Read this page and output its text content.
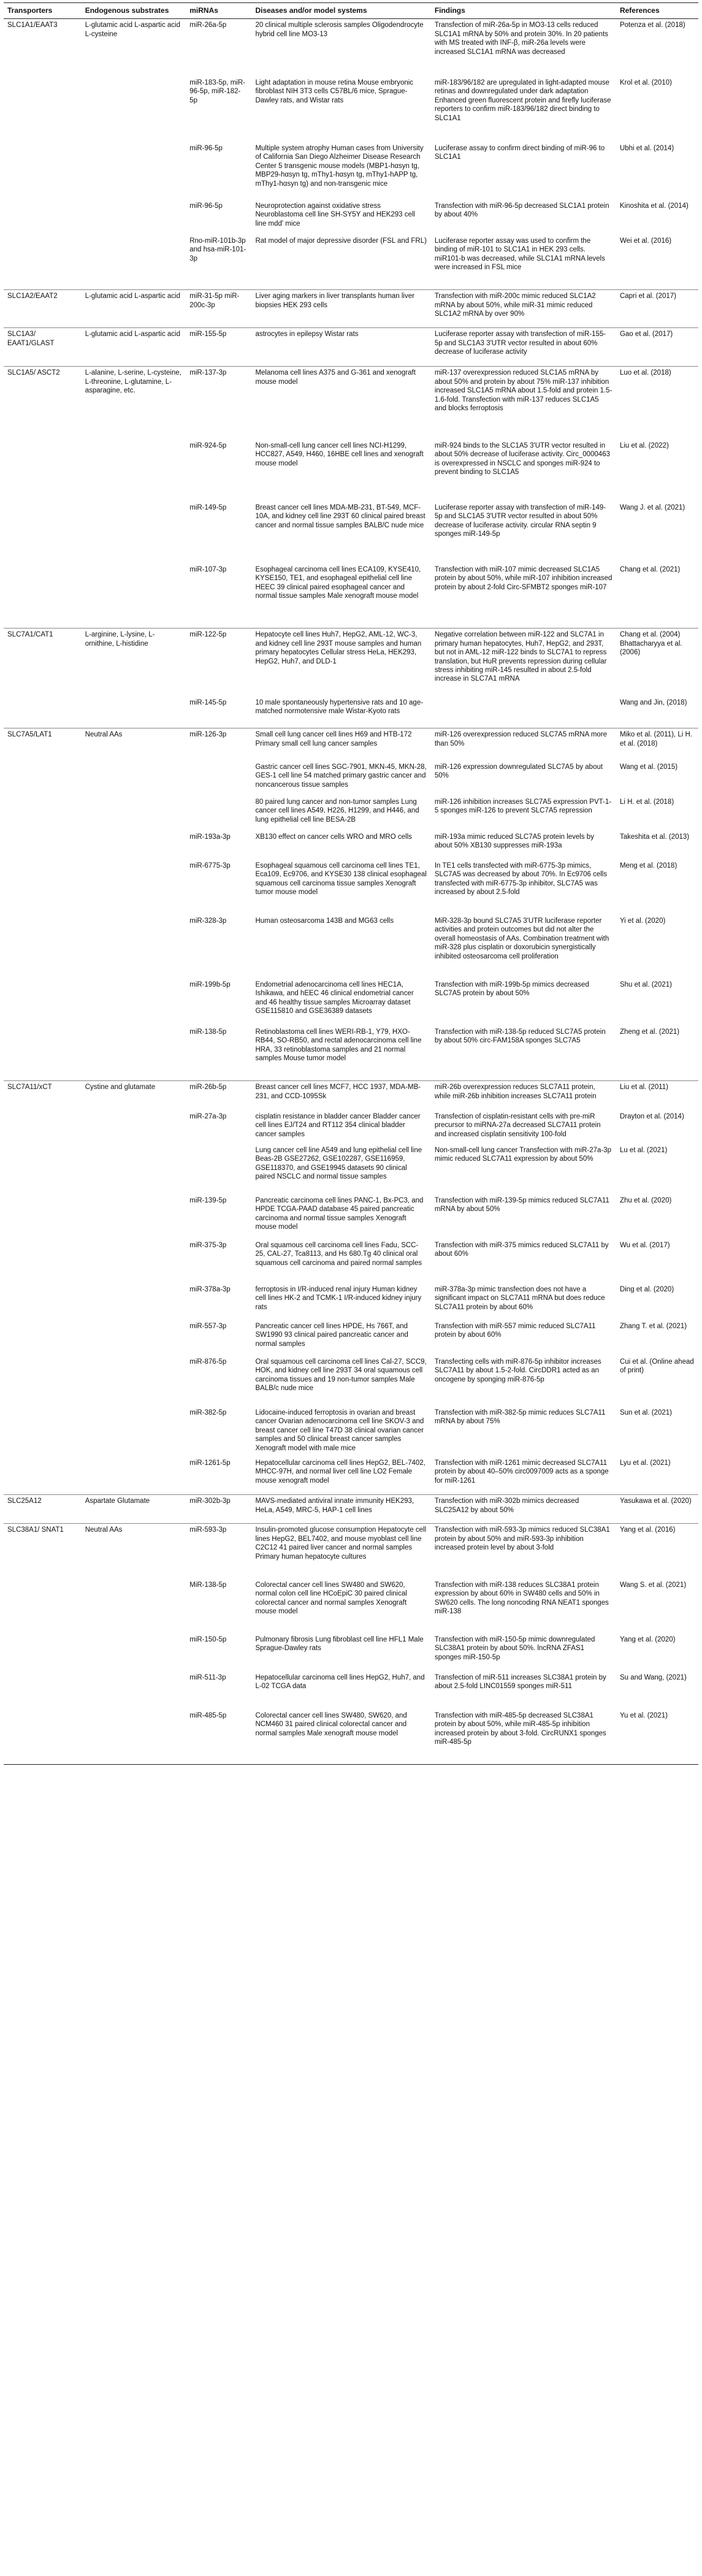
Transporters	Endogenous substrates	miRNAs	Diseases and/or model systems	Findings	References
SLC1A1/EAAT3	L-glutamic acid L-aspartic acid L-cysteine	miR-26a-5p	20 clinical multiple sclerosis samples Oligodendrocyte hybrid cell line MO3-13	Transfection of miR-26a-5p in MO3-13 cells reduced SLC1A1 mRNA by 50% and protein 30%. In 20 patients with MS treated with INF-β, miR-26a levels were increased SLC1A1 mRNA was decreased	Potenza et al. (2018)
		miR-183-5p, miR-96-5p, miR-182-5p	Light adaptation in mouse retina Mouse embryonic fibroblast NIH 3T3 cells C57BL/6 mice, Sprague-Dawley rats, and Wistar rats	miR-183/96/182 are upregulated in light-adapted mouse retinas and downregulated under dark adaptation Enhanced green fluorescent protein and firefly luciferase reporters to confirm miR-183/96/182 direct binding to SLC1A1	Krol et al. (2010)
		miR-96-5p	Multiple system atrophy Human cases from University of California San Diego Alzheimer Disease Research Center 5 transgenic mouse models (MBP1-hαsyn tg, MBP29-hαsyn tg, mThy1-hαsyn tg, mThy1-hAPP tg, mThy1-hαsyn tg) and non-transgenic mice	Luciferase assay to confirm direct binding of miR-96 to SLC1A1	Ubhi et al. (2014)
		miR-96-5p	Neuroprotection against oxidative stress Neuroblastoma cell line SH-SY5Y and HEK293 cell line mdd' mice	Transfection with miR-96-5p decreased SLC1A1 protein by about 40%	Kinoshita et al. (2014)
		Rno-miR-101b-3p and hsa-miR-101-3p	Rat model of major depressive disorder (FSL and FRL)	Luciferase reporter assay was used to confirm the binding of miR-101 to SLC1A1 in HEK 293 cells. miR101-b was decreased, while SLC1A1 mRNA levels were increased in FSL mice	Wei et al. (2016)
SLC1A2/EAAT2	L-glutamic acid L-aspartic acid	miR-31-5p miR-200c-3p	Liver aging markers in liver transplants human liver biopsies HEK 293 cells	Transfection with miR-200c mimic reduced SLC1A2 mRNA by about 50%, while miR-31 mimic reduced SLC1A2 mRNA by over 90%	Capri et al. (2017)
SLC1A3/ EAAT1/GLAST	L-glutamic acid L-aspartic acid	miR-155-5p	astrocytes in epilepsy Wistar rats	Luciferase reporter assay with transfection of miR-155-5p and SLC1A3 3'UTR vector resulted in about 60% decrease of luciferase activity	Gao et al. (2017)
SLC1A5/ ASCT2	L-alanine, L-serine, L-cysteine, L-threonine, L-glutamine, L-asparagine, etc.	miR-137-3p	Melanoma cell lines A375 and G-361 and xenograft mouse model	miR-137 overexpression reduced SLC1A5 mRNA by about 50% and protein by about 75% miR-137 inhibition increased SLC1A5 mRNA about 1.5-fold and protein 1.5-1.6-fold. Transfection with miR-137 reduces SLC1A5 and blocks ferroptosis	Luo et al. (2018)
		miR-924-5p	Non-small-cell lung cancer cell lines NCI-H1299, HCC827, A549, H460, 16HBE cell lines and xenograft mouse model	miR-924 binds to the SLC1A5 3'UTR vector resulted in about 50% decrease of luciferase activity. Circ_0000463 is overexpressed in NSCLC and sponges miR-924 to prevent binding to SLC1A5	Liu et al. (2022)
		miR-149-5p	Breast cancer cell lines MDA-MB-231, BT-549, MCF-10A, and kidney cell line 293T 60 clinical paired breast cancer and normal tissue samples BALB/C nude mice	Luciferase reporter assay with transfection of miR-149-5p and SLC1A5 3'UTR vector resulted in about 50% decrease of luciferase activity. circular RNA septin 9 sponges miR-149-5p	Wang J. et al. (2021)
		miR-107-3p	Esophageal carcinoma cell lines ECA109, KYSE410, KYSE150, TE1, and esophageal epithelial cell line HEEC 39 clinical paired esophageal cancer and normal tissue samples Male xenograft mouse model	Transfection with miR-107 mimic decreased SLC1A5 protein by about 50%, while miR-107 inhibition increased protein by about 2-fold Circ-SFMBT2 sponges miR-107	Chang et al. (2021)
SLC7A1/CAT1	L-arginine, L-lysine, L-ornithine, L-histidine	miR-122-5p	Hepatocyte cell lines Huh7, HepG2, AML-12, WC-3, and kidney cell line 293T mouse samples and human primary hepatocytes Cellular stress HeLa, HEK293, HepG2, Huh7, and DLD-1	Negative correlation between miR-122 and SLC7A1 in primary human hepatocytes, Huh7, HepG2, and 293T, but not in AML-12 miR-122 binds to SLC7A1 to repress translation, but HuR prevents repression during cellular stress inhibiting miR-145 resulted in about 2.5-fold increase in SLC7A1 mRNA	Chang et al. (2004) Bhattacharyya et al. (2006)
		miR-145-5p	10 male spontaneously hypertensive rats and 10 age-matched normotensive male Wistar-Kyoto rats		Wang and Jin, (2018)
SLC7A5/LAT1	Neutral AAs	miR-126-3p	Small cell lung cancer cell lines H69 and HTB-172 Primary small cell lung cancer samples	miR-126 overexpression reduced SLC7A5 mRNA more than 50%	Miko et al. (2011), Li H. et al. (2018)
			Gastric cancer cell lines SGC-7901, MKN-45, MKN-28, GES-1 cell line 54 matched primary gastric cancer and noncancerous tissue samples	miR-126 expression downregulated SLC7A5 by about 50%	Wang et al. (2015)
			80 paired lung cancer and non-tumor samples Lung cancer cell lines A549, H226, H1299, and H446, and lung epithelial cell line BESA-2B	miR-126 inhibition increases SLC7A5 expression PVT-1-5 sponges miR-126 to prevent SLC7A5 repression	Li H. et al. (2018)
		miR-193a-3p	XB130 effect on cancer cells WRO and MRO cells	miR-193a mimic reduced SLC7A5 protein levels by about 50% XB130 suppresses miR-193a	Takeshita et al. (2013)
		miR-6775-3p	Esophageal squamous cell carcinoma cell lines TE1, Eca109, Ec9706, and KYSE30 138 clinical esophageal squamous cell carcinoma tissue samples Xenograft tumor mouse model	In TE1 cells transfected with miR-6775-3p mimics, SLC7A5 was decreased by about 70%. In Ec9706 cells transfected with miR-6775-3p inhibitor, SLC7A5 was increased by about 2.5-fold	Meng et al. (2018)
		miR-328-3p	Human osteosarcoma 143B and MG63 cells	MiR-328-3p bound SLC7A5 3'UTR luciferase reporter activities and protein outcomes but did not alter the overall homeostasis of AAs. Combination treatment with miR-328 plus cisplatin or doxorubicin synergistically inhibited osteosarcoma cell proliferation	Yi et al. (2020)
		miR-199b-5p	Endometrial adenocarcinoma cell lines HEC1A, Ishikawa, and hEEC 46 clinical endometrial cancer and 46 healthy tissue samples Microarray dataset GSE115810 and GSE36389 datasets	Transfection with miR-199b-5p mimics decreased SLC7A5 protein by about 50%	Shu et al. (2021)
		miR-138-5p	Retinoblastoma cell lines WERI-RB-1, Y79, HXO-RB44, SO-RB50, and rectal adenocarcinoma cell line HRA, 33 retinoblastoma samples and 21 normal samples Mouse tumor model	Transfection with miR-138-5p reduced SLC7A5 protein by about 50% circ-FAM158A sponges SLC7A5	Zheng et al. (2021)
SLC7A11/xCT	Cystine and glutamate	miR-26b-5p	Breast cancer cell lines MCF7, HCC 1937, MDA-MB-231, and CCD-1095Sk	miR-26b overexpression reduces SLC7A11 protein, while miR-26b inhibition increases SLC7A11 protein	Liu et al. (2011)
		miR-27a-3p	cisplatin resistance in bladder cancer Bladder cancer cell lines EJ/T24 and RT112 354 clinical bladder cancer samples	Transfection of cisplatin-resistant cells with pre-miR precursor to miRNA-27a decreased SLC7A11 protein and increased cisplatin sensitivity 100-fold	Drayton et al. (2014)
			Lung cancer cell line A549 and lung epithelial cell line Beas-2B GSE27262, GSE102287, GSE116959, GSE118370, and GSE19945 datasets 90 clinical paired NSCLC and normal tissue samples	Non-small-cell lung cancer Transfection with miR-27a-3p mimic reduced SLC7A11 expression by about 50%	Lu et al. (2021)
		miR-139-5p	Pancreatic carcinoma cell lines PANC-1, Bx-PC3, and HPDE TCGA-PAAD database 45 paired pancreatic carcinoma and normal tissue samples Xenograft mouse model	Transfection with miR-139-5p mimics reduced SLC7A11 mRNA by about 50%	Zhu et al. (2020)
		miR-375-3p	Oral squamous cell carcinoma cell lines Fadu, SCC-25, CAL-27, Tca8113, and Hs 680.Tg 40 clinical oral squamous cell carcinoma and paired normal samples	Transfection with miR-375 mimics reduced SLC7A11 by about 60%	Wu et al. (2017)
		miR-378a-3p	ferroptosis in I/R-induced renal injury Human kidney cell lines HK-2 and TCMK-1 I/R-induced kidney injury rats	miR-378a-3p mimic transfection does not have a significant impact on SLC7A11 mRNA but does reduce SLC7A11 protein by about 60%	Ding et al. (2020)
		miR-557-3p	Pancreatic cancer cell lines HPDE, Hs 766T, and SW1990 93 clinical paired pancreatic cancer and normal samples	Transfection with miR-557 mimic reduced SLC7A11 protein by about 60%	Zhang T. et al. (2021)
		miR-876-5p	Oral squamous cell carcinoma cell lines Cal-27, SCC9, HOK, and kidney cell line 293T 34 oral squamous cell carcinoma tissues and 19 non-tumor samples Male BALB/c nude mice	Transfecting cells with miR-876-5p inhibitor increases SLC7A11 by about 1.5-2-fold. CircDDR1 acted as an oncogene by sponging miR-876-5p	Cui et al. (Online ahead of print)
		miR-382-5p	Lidocaine-induced ferroptosis in ovarian and breast cancer Ovarian adenocarcinoma cell line SKOV-3 and breast cancer cell line T47D 38 clinical ovarian cancer samples and 50 clinical breast cancer samples Xenograft model with male mice	Transfection with miR-382-5p mimic reduces SLC7A11 mRNA by about 75%	Sun et al. (2021)
		miR-1261-5p	Hepatocellular carcinoma cell lines HepG2, BEL-7402, MHCC-97H, and normal liver cell line LO2 Female mouse xenograft model	Transfection with miR-1261 mimic decreased SLC7A11 protein by about 40–50% circ0097009 acts as a sponge for miR-1261	Lyu et al. (2021)
SLC25A12	Aspartate Glutamate	miR-302b-3p	MAVS-mediated antiviral innate immunity HEK293, HeLa, A549, MRC-5, HAP-1 cell lines	Transfection with miR-302b mimics decreased SLC25A12 by about 50%	Yasukawa et al. (2020)
SLC38A1/ SNAT1	Neutral AAs	miR-593-3p	Insulin-promoted glucose consumption Hepatocyte cell lines HepG2, BEL7402, and mouse myoblast cell line C2C12 41 paired liver cancer and normal samples Primary human hepatocyte cultures	Transfection with miR-593-3p mimics reduced SLC38A1 protein by about 50% and miR-593-3p inhibition increased protein level by about 3-fold	Yang et al. (2016)
		MiR-138-5p	Colorectal cancer cell lines SW480 and SW620, normal colon cell line HCoEpiC 30 paired clinical colorectal cancer and normal samples Xenograft mouse model	Transfection with miR-138 reduces SLC38A1 protein expression by about 60% in SW480 cells and 50% in SW620 cells. The long noncoding RNA NEAT1 sponges miR-138	Wang S. et al. (2021)
		miR-150-5p	Pulmonary fibrosis Lung fibroblast cell line HFL1 Male Sprague-Dawley rats	Transfection with miR-150-5p mimic downregulated SLC38A1 protein by about 50%. lncRNA ZFAS1 sponges miR-150-5p	Yang et al. (2020)
		miR-511-3p	Hepatocellular carcinoma cell lines HepG2, Huh7, and L-02 TCGA data	Transfection of miR-511 increases SLC38A1 protein by about 2.5-fold LINC01559 sponges miR-511	Su and Wang, (2021)
		miR-485-5p	Colorectal cancer cell lines SW480, SW620, and NCM460 31 paired clinical colorectal cancer and normal samples Male xenograft mouse model	Transfection with miR-485-5p decreased SLC38A1 protein by about 50%, while miR-485-5p inhibition increased protein by about 3-fold. CircRUNX1 sponges miR-485-5p	Yu et al. (2021)
